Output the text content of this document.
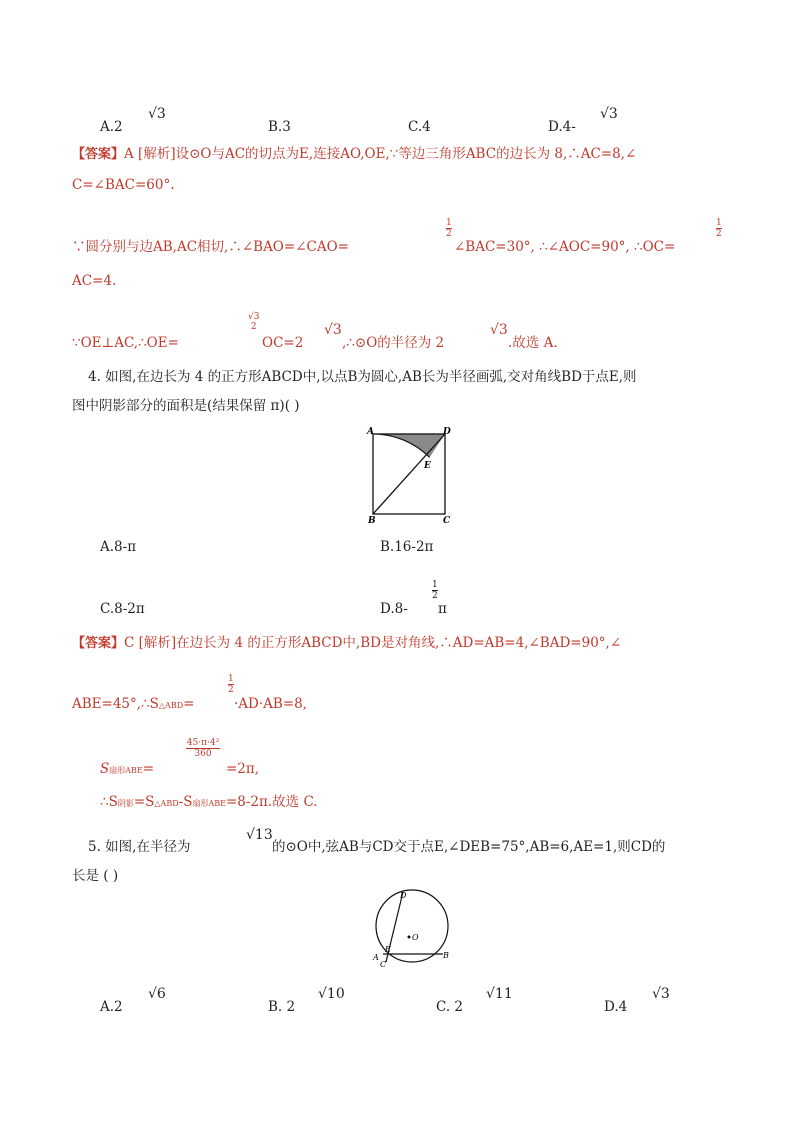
A.2
√3
B.3	C.4	D.4-
√3
【答案】A [解析]设⊙O与AC的切点为E,连接AO,OE,∵等边三角形ABC的边长为 8,∴AC=8,∠
C=∠BAC=60°.
∵圆分别与边AB,AC相切,∴∠BAO=∠CAO=
$\frac{1}{2}$
∠BAC=30°, ∴∠AOC=90°, ∴OC=
$\frac{1}{2}$
AC=4.
∵OE⊥AC,∴OE=
√3
2
OC=2
√3
,∴⊙O的半径为 2
√3
.故选 A.
4. 如图,在边长为 4 的正方形ABCD中,以点B为圆心,AB长为半径画弧,交对角线BD于点E,则
图中阴影部分的面积是(结果保留 π)( )
A	D
E
B	C
A.8-π	B.16-2π
C.8-2π	D.8-
$\frac{1}{2}$
π
【答案】C [解析]在边长为 4 的正方形ABCD中,BD是对角线,∴AD=AB=4,∠BAD=90°,∠
ABE=45°,∴S△ABD=
$\frac{1}{2}$
·AD·AB=8,
S扇形ABE=
$\frac{\text{45·π·4²}}{360}$
=2π,
∴S阴影=S△ABD-S扇形ABE=8-2π.故选 C.
5. 如图,在半径为
√13
的⊙O中,弦AB与CD交于点E,∠DEB=75°,AB=6,AE=1,则CD的
长是 ( )
O
D
E
A	B
C
A.2
√6
B. 2
√10
C. 2
√11
D.4
√3
